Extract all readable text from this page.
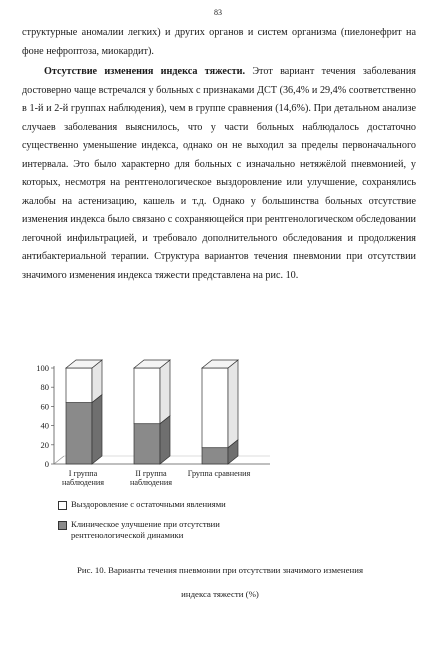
83
структурные аномалии легких) и других органов и систем организма (пиелонефрит на фоне нефроптоза, миокардит).
Отсутствие изменения индекса тяжести. Этот вариант течения заболевания достоверно чаще встречался у больных с признаками ДСТ (36,4% и 29,4% соответственно в 1-й и 2-й группах наблюдения), чем в группе сравнения (14,6%). При детальном анализе случаев заболевания выяснилось, что у части больных наблюдалось достаточно существенно уменьшение индекса, однако он не выходил за пределы первоначального интервала. Это было характерно для больных с изначально нетяжёлой пневмонией, у которых, несмотря на рентгенологическое выздоровление или улучшение, сохранялись жалобы на астенизацию, кашель и т.д. Однако у большинства больных отсутствие изменения индекса было связано с сохраняющейся при рентгенологическом обследовании легочной инфильтрацией, и требовало дополнительного обследования и продолжения антибактериальной терапии. Структура вариантов течения пневмонии при отсутствии значимого изменения индекса тяжести представлена на рис. 10.
0
20
40
60
80
100
I группа
наблюдения
II группа
наблюдения
Группа сравнения
Выздоровление с остаточными явлениями
Клиническое улучшение при отсутствии
рентгенологической динамики
Рис. 10. Варианты течения пневмонии при отсутствии значимого изменения
индекса тяжести (%)
